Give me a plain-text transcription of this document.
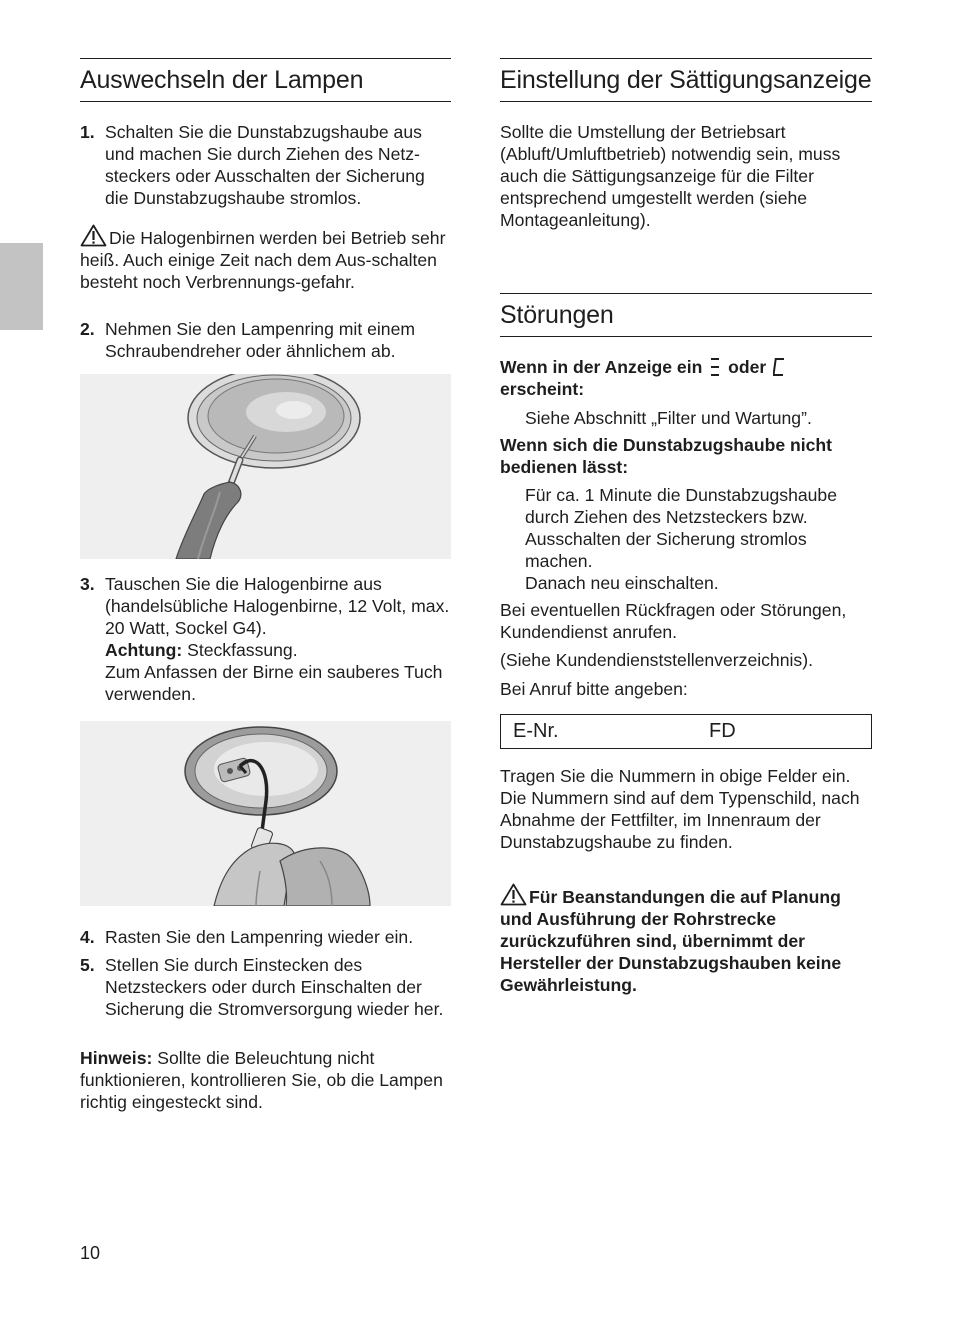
Auswechseln der Lampen
1. Schalten Sie die Dunstabzugshaube aus und machen Sie durch Ziehen des Netz-steckers oder Ausschalten der Sicherung die Dunstabzugshaube stromlos.
Die Halogenbirnen werden bei Betrieb sehr heiß. Auch einige Zeit nach dem Aus-schalten besteht noch Verbrennungs-gefahr.
2. Nehmen Sie den Lampenring mit einem Schraubendreher oder ähnlichem ab.
3. Tauschen Sie die Halogenbirne aus (handelsübliche Halogenbirne, 12 Volt, max. 20 Watt, Sockel G4).
Achtung: Steckfassung.
Zum Anfassen der Birne ein sauberes Tuch verwenden.
4. Rasten Sie den Lampenring wieder ein.
5. Stellen Sie durch Einstecken des Netzsteckers oder durch Einschalten der Sicherung die Stromversorgung wieder her.
Hinweis: Sollte die Beleuchtung nicht funktionieren, kontrollieren Sie, ob die Lampen richtig eingesteckt sind.
Einstellung der Sättigungsanzeige
Sollte die Umstellung der Betriebsart (Abluft/Umluftbetrieb) notwendig sein, muss auch die Sättigungsanzeige für die Filter entsprechend umgestellt werden (siehe Montageanleitung).
Störungen
Wenn in der Anzeige ein oder
erscheint:
Siehe Abschnitt „Filter und Wartung”.
Wenn sich die Dunstabzugshaube nicht bedienen lässt:
Für ca. 1 Minute die Dunstabzugshaube durch Ziehen des Netzsteckers bzw. Ausschalten der Sicherung stromlos machen.
Danach neu einschalten.
Bei eventuellen Rückfragen oder Störungen, Kundendienst anrufen.
(Siehe Kundendienststellenverzeichnis).
Bei Anruf bitte angeben:
E-Nr.	FD
Tragen Sie die Nummern in obige Felder ein. Die Nummern sind auf dem Typenschild, nach Abnahme der Fettfilter, im Innenraum der Dunstabzugshaube zu finden.
Für Beanstandungen die auf Planung und Ausführung der Rohrstrecke zurückzuführen sind, übernimmt der Hersteller der Dunstabzugshauben keine Gewährleistung.
10
